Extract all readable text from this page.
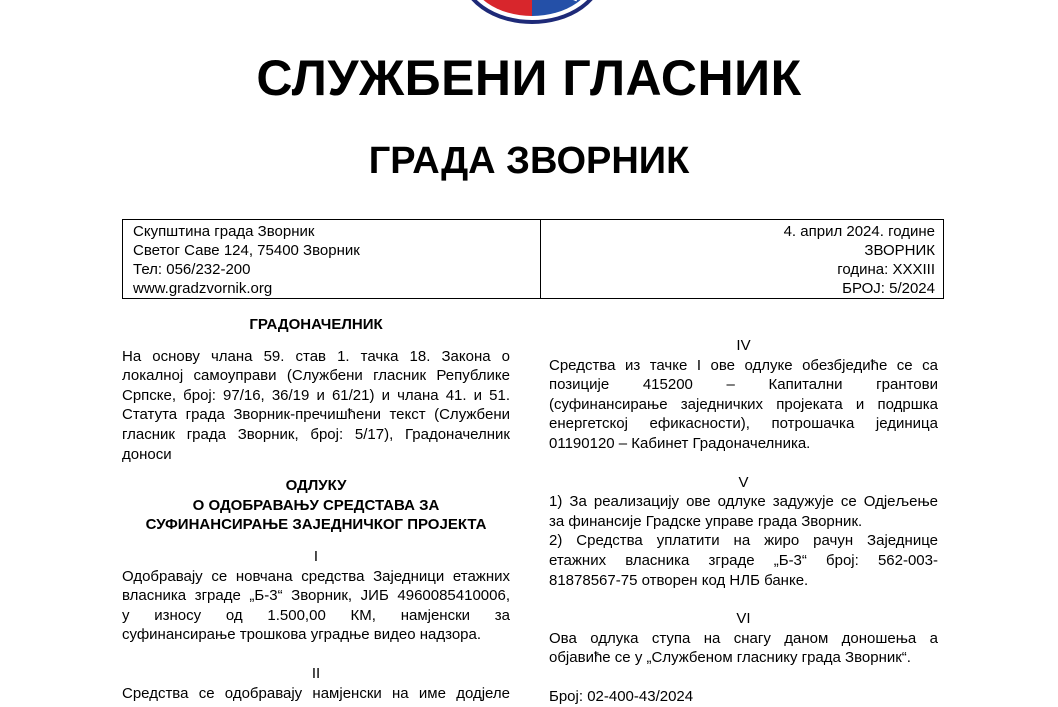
СЛУЖБЕНИ ГЛАСНИК
ГРАДА ЗВОРНИК
Скупштина града Зворник
Светог Саве 124, 75400 Зворник
Тел: 056/232-200
www.gradzvornik.org
4. април 2024. године
ЗВОРНИК
година: XXXIII
БРОЈ: 5/2024

ГРАДОНАЧЕЛНИК

На основу члана 59. став 1. тачка 18. Закона о
локалној самоуправи (Службени гласник Републике
Српске, број: 97/16, 36/19 и 61/21) и члана 41. и 51.
Статута града Зворник-пречишћени текст (Службени
гласник града Зворник, број: 5/17), Градоначелник
доноси
ОДЛУКУ
О ОДОБРАВАЊУ СРЕДСТАВА ЗА
СУФИНАНСИРАЊЕ ЗАЈЕДНИЧКОГ ПРОЈЕКТА
I
Одобравају се новчана средства Заједници етажних
власника зграде „Б-3“ Зворник, ЈИБ 4960085410006,
у износу од 1.500,00 КМ, намјенски за
суфинансирање трошкова уградње видео надзора.
II
Средства се одобравају намјенски на име додјеле
IV
Средства из тачке I ове одлуке обезбједиће се са
позиције 415200 – Капитални грантови
(суфинансирање заједничких пројеката и подршка
енергетској ефикасности), потрошачка јединица
01190120 – Кабинет Градоначелника.
V
1) За реализацију ове одлуке задужује се Одјељење
за финансије Градске управе града Зворник.
2) Средства уплатити на жиро рачун Заједнице
етажних власника зграде „Б-3“ број: 562-003-
81878567-75 отворен код НЛБ банке.
VI
Ова одлука ступа на снагу даном доношења а
објавиће се у „Службеном гласнику града Зворник“.
Број: 02-400-43/2024
